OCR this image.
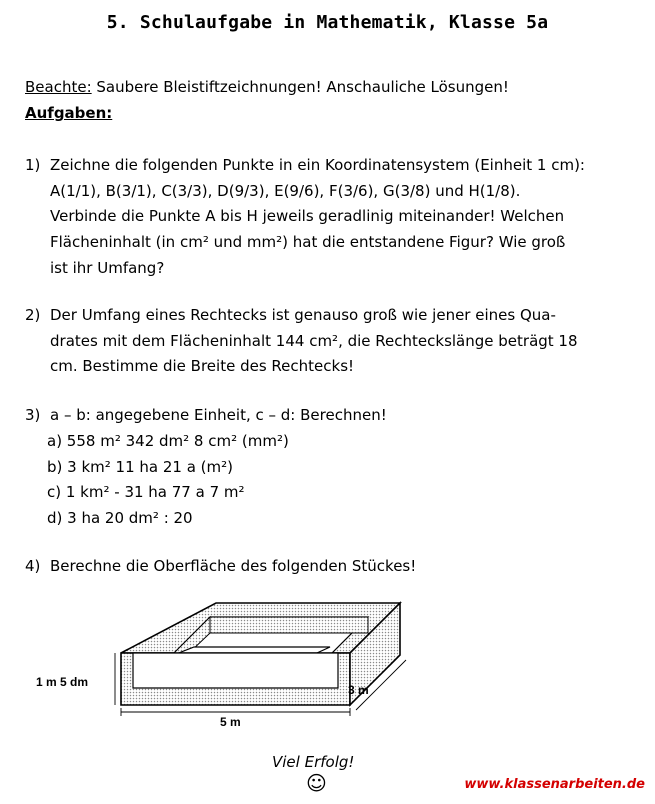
5. Schulaufgabe in Mathematik, Klasse 5a
Beachte: Saubere Bleistiftzeichnungen! Anschauliche Lösungen!
Aufgaben:
1) Zeichne die folgenden Punkte in ein Koordinatensystem (Einheit 1 cm):
A(1/1), B(3/1), C(3/3), D(9/3), E(9/6), F(3/6), G(3/8) und H(1/8).
Verbinde die Punkte A bis H jeweils geradlinig miteinander! Welchen
Flächeninhalt (in cm² und mm²) hat die entstandene Figur? Wie groß
ist ihr Umfang?
2) Der Umfang eines Rechtecks ist genauso groß wie jener eines Qua-
drates mit dem Flächeninhalt 144 cm², die Rechteckslänge beträgt 18
cm. Bestimme die Breite des Rechtecks!
3) a – b: angegebene Einheit, c – d: Berechnen!
a) 558 m² 342 dm² 8 cm² (mm²)
b) 3 km² 11 ha 21 a (m²)
c) 1 km² - 31 ha 77 a 7 m²
d) 3 ha 20 dm² : 20
4) Berechne die Oberfläche des folgenden Stückes!
1 m 5 dm
5 m
3 m
Viel Erfolg!
☺	www.klassenarbeiten.de
